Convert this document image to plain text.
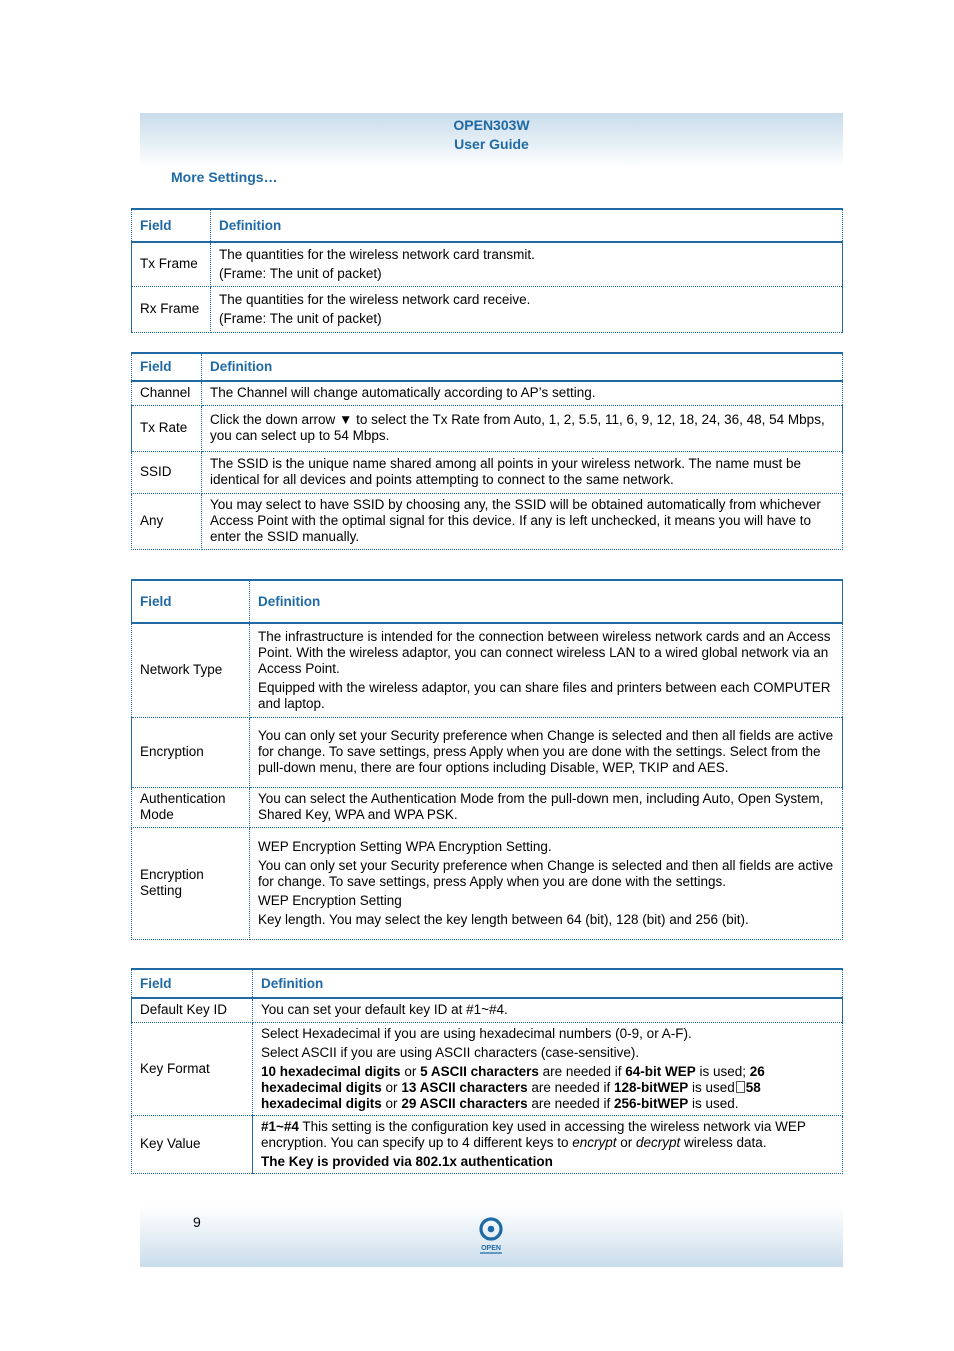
OPEN303W
User Guide
More Settings…
Field	Definition
Tx Frame	The quantities for the wireless network card transmit.

(Frame: The unit of packet)

Rx Frame	The quantities for the wireless network card receive.

(Frame: The unit of packet)

Field	Definition
Channel	The Channel will change automatically according to AP’s setting.
Tx Rate	Click the down arrow ▼ to select the Tx Rate from Auto, 1, 2, 5.5, 11, 6, 9, 12, 18, 24, 36, 48, 54 Mbps, you can select up to 54 Mbps.
SSID	The SSID is the unique name shared among all points in your wireless network. The name must be identical for all devices and points attempting to connect to the same network.
Any	You may select to have SSID by choosing any, the SSID will be obtained automatically from whichever Access Point with the optimal signal for this device. If any is left unchecked, it means you will have to enter the SSID manually.
Field	Definition
Network Type	The infrastructure is intended for the connection between wireless network cards and an Access Point. With the wireless adaptor, you can connect wireless LAN to a wired global network via an Access Point.

Equipped with the wireless adaptor, you can share files and printers between each COMPUTER and laptop.

Encryption	You can only set your Security preference when Change is selected and then all fields are active for change. To save settings, press Apply when you are done with the settings. Select from the pull-down menu, there are four options including Disable, WEP, TKIP and AES.

Authentication Mode	You can select the Authentication Mode from the pull-down men, including Auto, Open System, Shared Key, WPA and WPA PSK.

Encryption Setting	WEP Encryption Setting WPA Encryption Setting.

You can only set your Security preference when Change is selected and then all fields are active for change. To save settings, press Apply when you are done with the settings.

WEP Encryption Setting

Key length. You may select the key length between 64 (bit), 128 (bit) and 256 (bit).

Field	Definition
Default Key ID	You can set your default key ID at #1~#4.
Key Format	Select Hexadecimal if you are using hexadecimal numbers (0-9, or A-F).

Select ASCII if you are using ASCII characters (case-sensitive).

10 hexadecimal digits or 5 ASCII characters are needed if 64-bit WEP is used; 26 hexadecimal digits or 13 ASCII characters are needed if 128-bitWEP is used 58 hexadecimal digits or 29 ASCII characters are needed if 256-bitWEP is used.

Key Value	#1~#4 This setting is the configuration key used in accessing the wireless network via WEP encryption. You can specify up to 4 different keys to encrypt or decrypt wireless data.

The Key is provided via 802.1x authentication

9
OPEN
